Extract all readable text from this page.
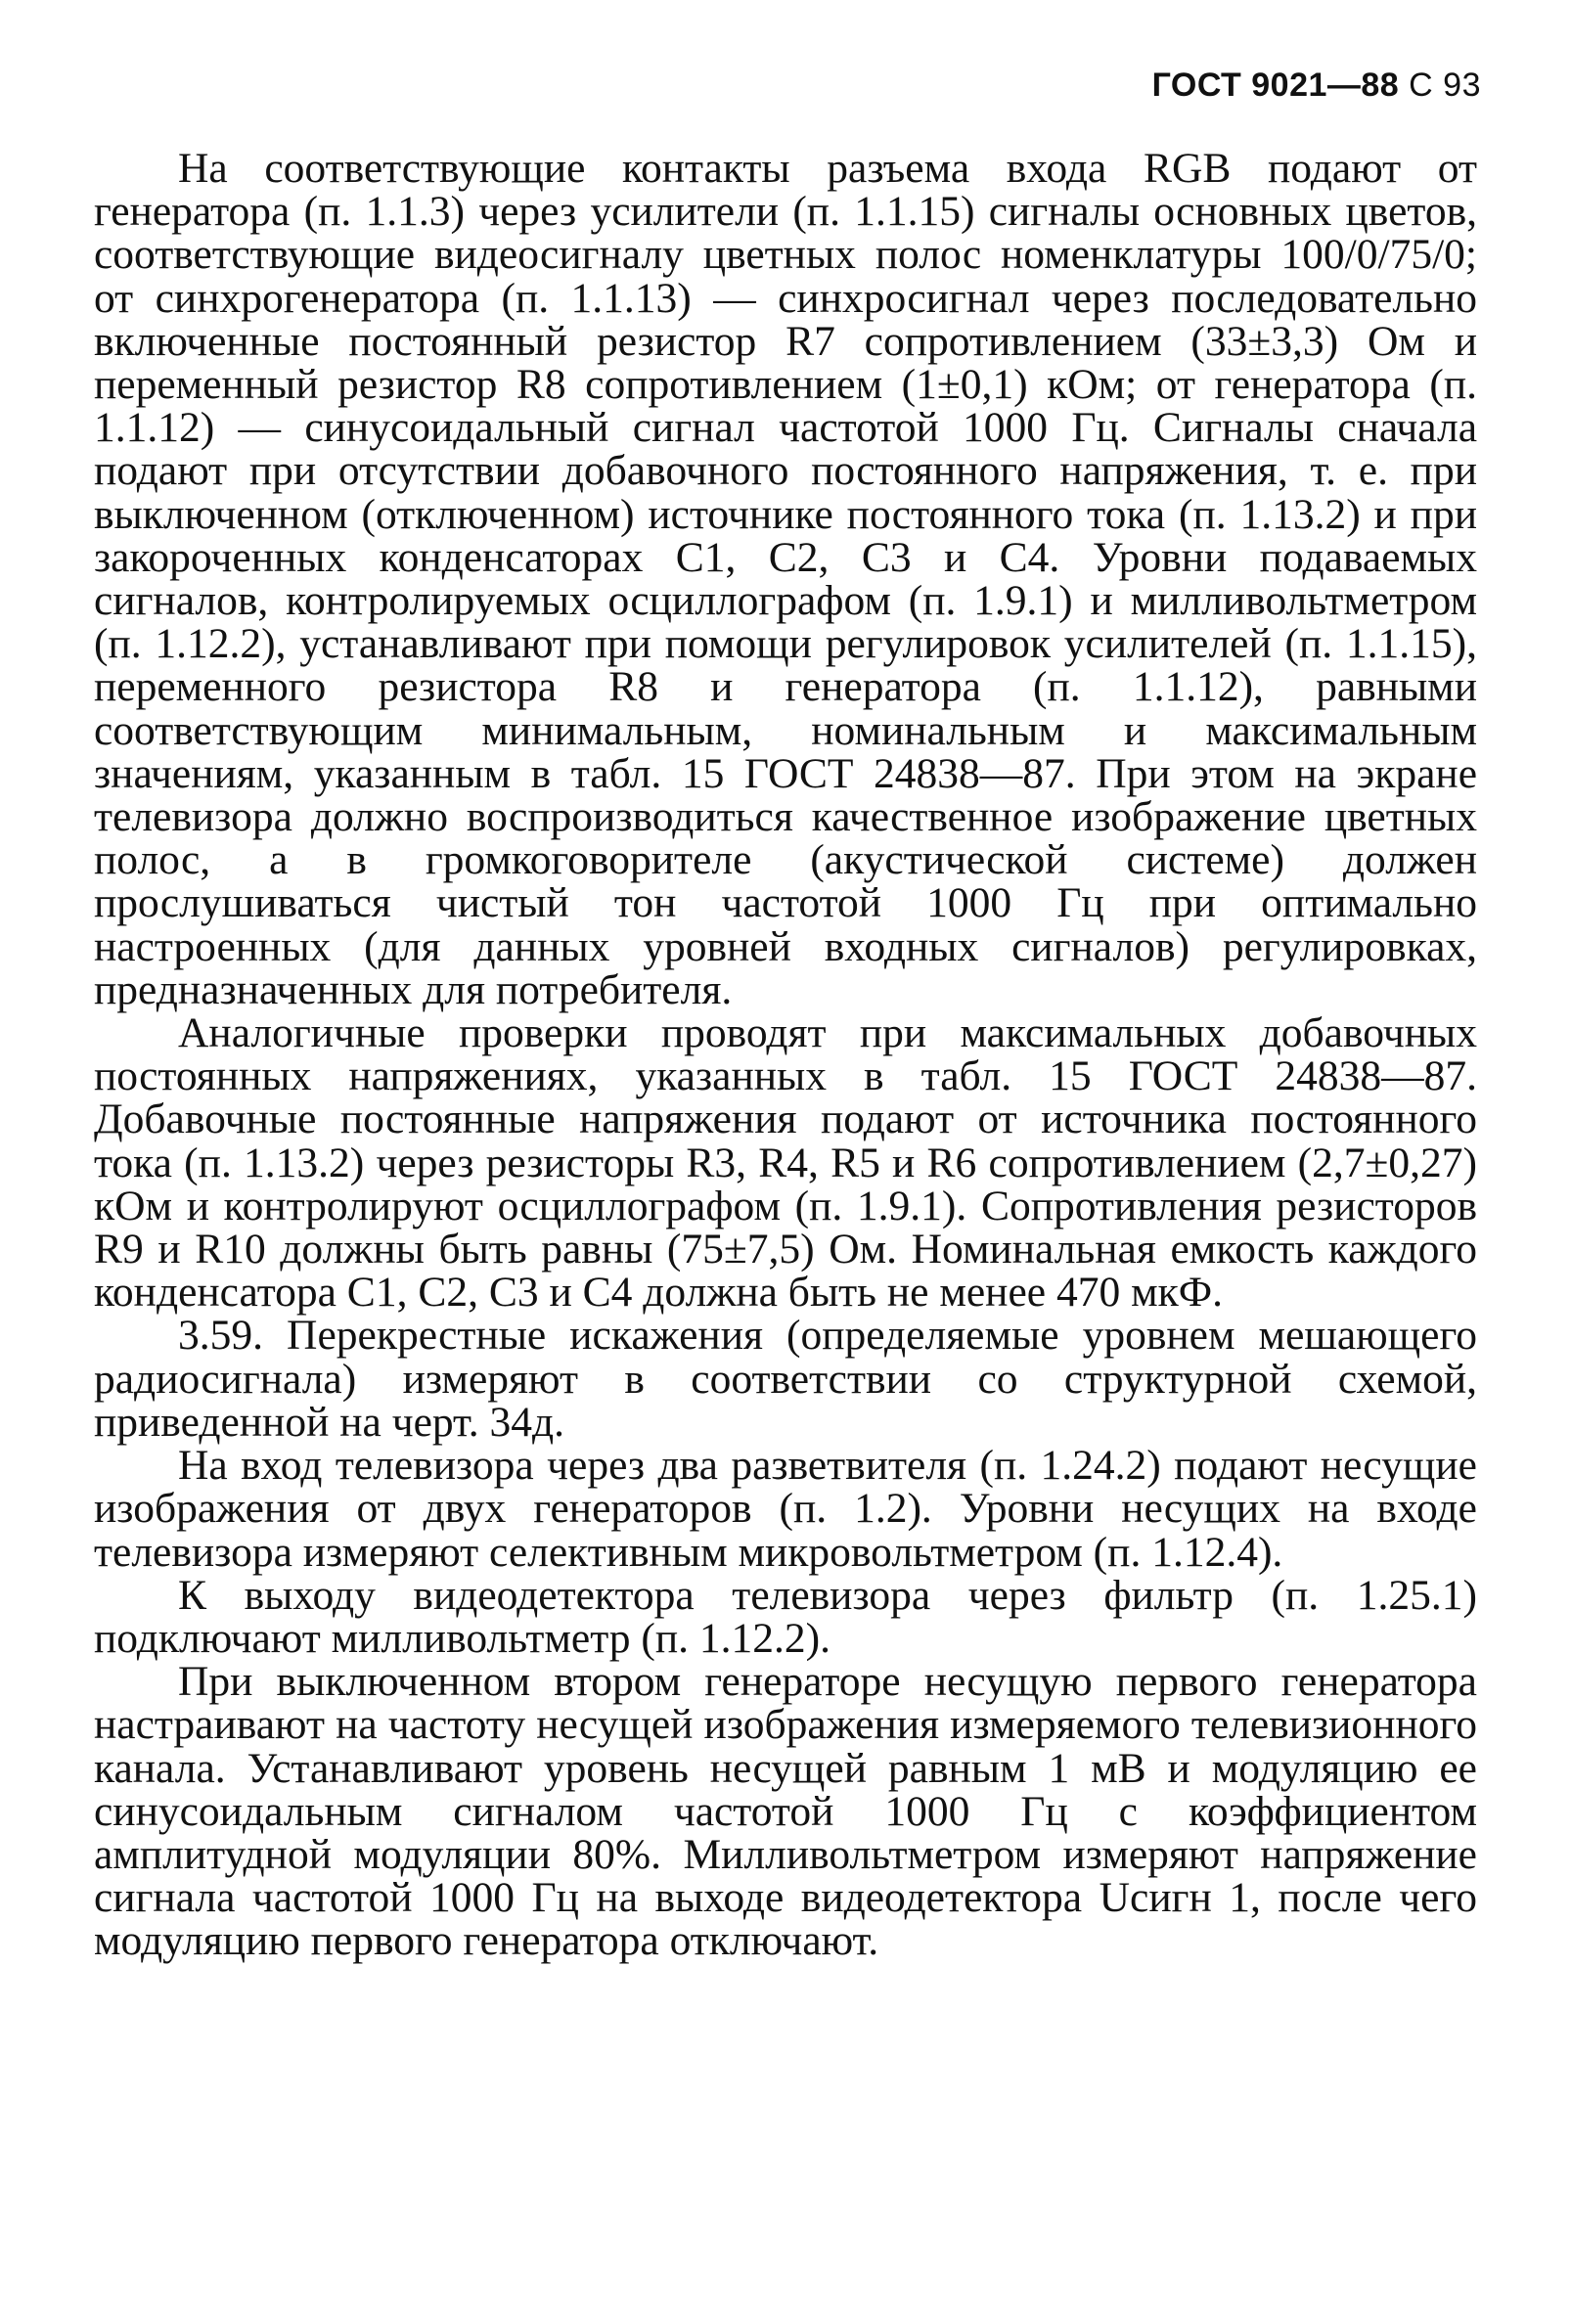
ГОСТ 9021—88 С 93

На соответствующие контакты разъема входа RGB подают от генератора (п. 1.1.3) через усилители (п. 1.1.15) сигналы основных цветов, соответствующие видеосигналу цветных полос номенклатуры 100/0/75/0; от синхрогенератора (п. 1.1.13) — синхросигнал через последовательно включенные постоянный резистор R7 сопротивлением (33±3,3) Ом и переменный резистор R8 сопротивлением (1±0,1) кОм; от генератора (п. 1.1.12) — синусоидальный сигнал частотой 1000 Гц. Сигналы сначала подают при отсутствии добавочного постоянного напряжения, т. е. при выключенном (отключенном) источнике постоянного тока (п. 1.13.2) и при закороченных конденсаторах C1, C2, C3 и C4. Уровни подаваемых сигналов, контролируемых осциллографом (п. 1.9.1) и милливольтметром (п. 1.12.2), устанавливают при помощи регулировок усилителей (п. 1.1.15), переменного резистора R8 и генератора (п. 1.1.12), равными соответствующим минимальным, номинальным и максимальным значениям, указанным в табл. 15 ГОСТ 24838—87. При этом на экране телевизора должно воспроизводиться качественное изображение цветных полос, а в громкоговорителе (акустической системе) должен прослушиваться чистый тон частотой 1000 Гц при оптимально настроенных (для данных уровней входных сигналов) регулировках, предназначенных для потребителя.

Аналогичные проверки проводят при максимальных добавочных постоянных напряжениях, указанных в табл. 15 ГОСТ 24838—87. Добавочные постоянные напряжения подают от источника постоянного тока (п. 1.13.2) через резисторы R3, R4, R5 и R6 сопротивлением (2,7±0,27) кОм и контролируют осциллографом (п. 1.9.1). Сопротивления резисторов R9 и R10 должны быть равны (75±7,5) Ом. Номинальная емкость каждого конденсатора C1, C2, C3 и C4 должна быть не менее 470 мкФ.

3.59. Перекрестные искажения (определяемые уровнем мешающего радиосигнала) измеряют в соответствии со структурной схемой, приведенной на черт. 34д.

На вход телевизора через два разветвителя (п. 1.24.2) подают несущие изображения от двух генераторов (п. 1.2). Уровни несущих на входе телевизора измеряют селективным микровольтметром (п. 1.12.4).

К выходу видеодетектора телевизора через фильтр (п. 1.25.1) подключают милливольтметр (п. 1.12.2).

При выключенном втором генераторе несущую первого генератора настраивают на частоту несущей изображения измеряемого телевизионного канала. Устанавливают уровень несущей равным 1 мВ и модуляцию ее синусоидальным сигналом частотой 1000 Гц с коэффициентом амплитудной модуляции 80%. Милливольтметром измеряют напряжение сигнала частотой 1000 Гц на выходе видеодетектора Uсигн 1, после чего модуляцию первого генератора отключают.
